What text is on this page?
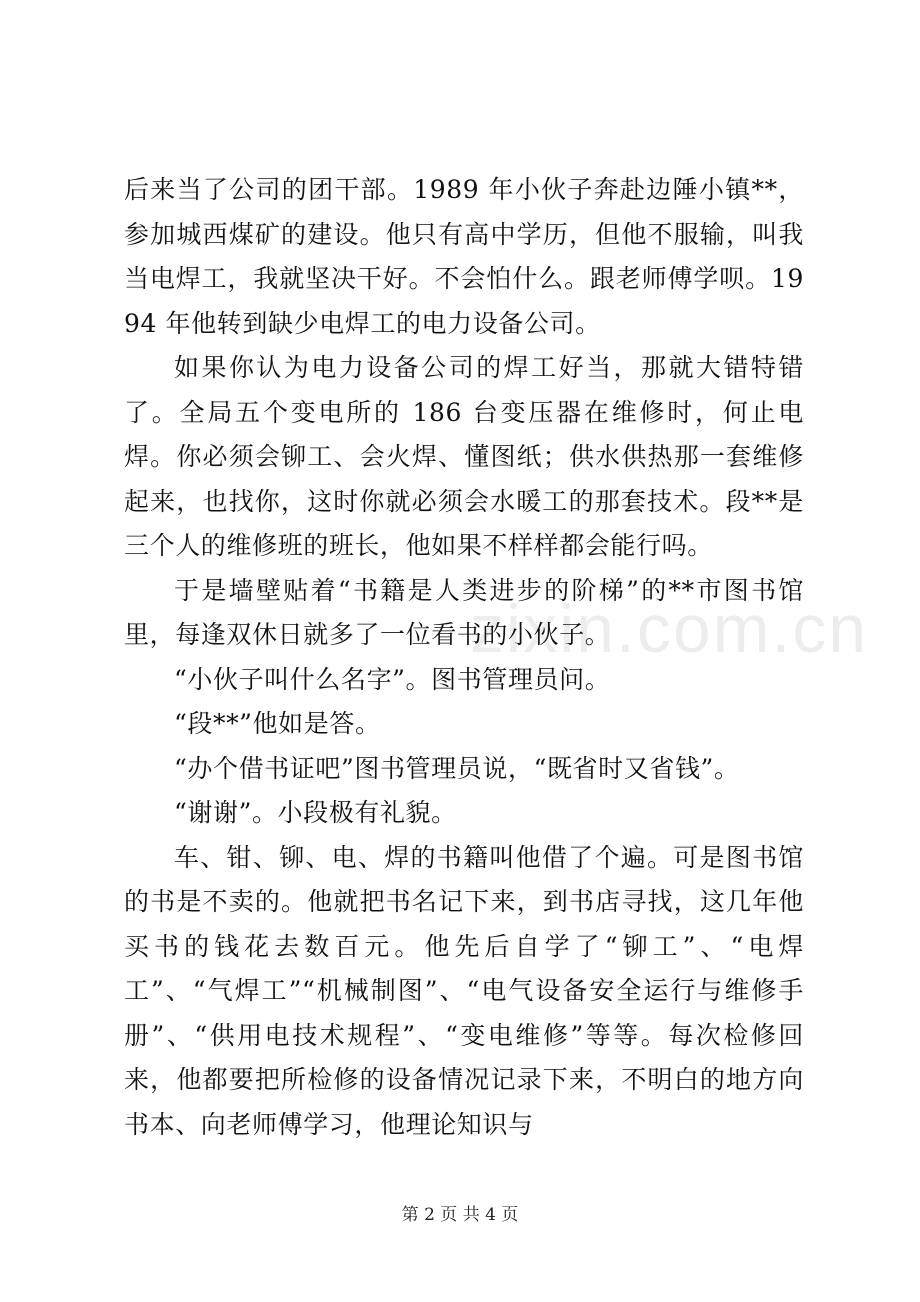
后来当了公司的团干部。1989 年小伙子奔赴边陲小镇**，参加城西煤矿的建设。他只有高中学历，但他不服输，叫我当电焊工，我就坚决干好。不会怕什么。跟老师傅学呗。1994 年他转到缺少电焊工的电力设备公司。

如果你认为电力设备公司的焊工好当，那就大错特错了。全局五个变电所的 186 台变压器在维修时，何止电焊。你必须会铆工、会火焊、懂图纸；供水供热那一套维修起来，也找你，这时你就必须会水暖工的那套技术。段**是三个人的维修班的班长，他如果不样样都会能行吗。

于是墙壁贴着“书籍是人类进步的阶梯”的**市图书馆里，每逢双休日就多了一位看书的小伙子。

“小伙子叫什么名字”。图书管理员问。

“段**”他如是答。

“办个借书证吧”图书管理员说，“既省时又省钱”。

“谢谢”。小段极有礼貌。

车、钳、铆、电、焊的书籍叫他借了个遍。可是图书馆的书是不卖的。他就把书名记下来，到书店寻找，这几年他买书的钱花去数百元。他先后自学了“铆工”、“电焊工”、“气焊工”“机械制图”、“电气设备安全运行与维修手册”、“供用电技术规程”、“变电维修”等等。每次检修回来，他都要把所检修的设备情况记录下来，不明白的地方向书本、向老师傅学习，他理论知识与

zixin.com.cn
第 2 页 共 4 页
